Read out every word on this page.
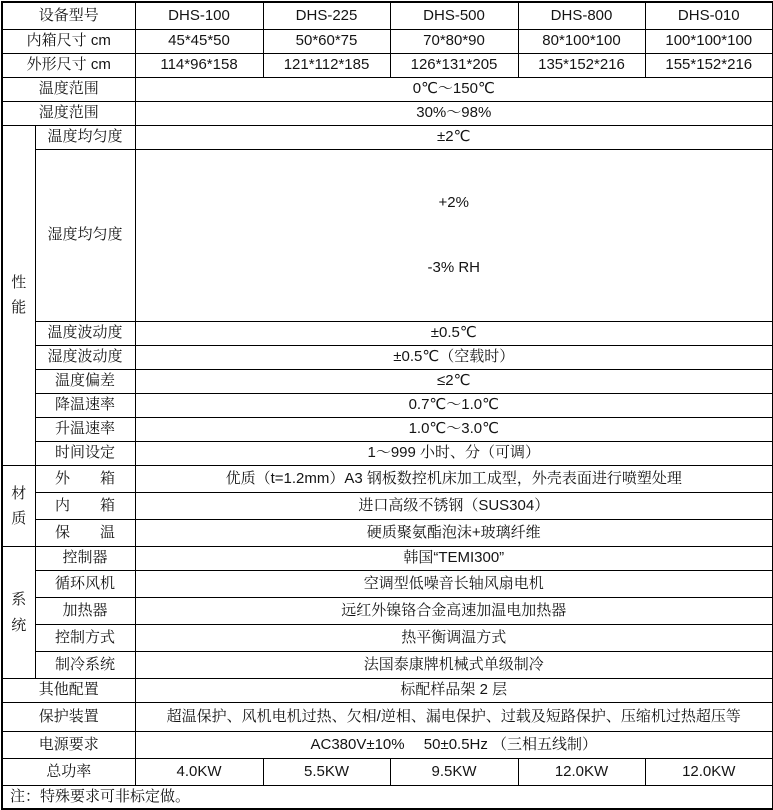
设备型号		DHS-100	DHS-225	DHS-500	DHS-800	DHS-010
内箱尺寸 cm		45*45*50	50*60*75	70*80*90	80*100*100	100*100*100
外形尺寸 cm		114*96*158	121*112*185	126*131*205	135*152*216	155*152*216
温度范围		0℃～150℃				
湿度范围		30%～98%				

性能	温度均匀度	±2℃				
	湿度均匀度	+2%

-3% RH				

	温度波动度	±0.5℃				
	湿度波动度	±0.5℃（空载时）				
	温度偏差	≤2℃				
	降温速率	0.7℃～1.0℃				
	升温速率	1.0℃～3.0℃				
	时间设定	1～999 小时、分（可调）				

材质	外　　箱	优质（t=1.2mm）A3 钢板数控机床加工成型，外壳表面进行喷塑处理				
	内　　箱	进口高级不锈钢（SUS304）				
	保　　温	硬质聚氨酯泡沫+玻璃纤维				

系统	控制器	韩国“TEMI300”				
	循环风机	空调型低噪音长轴风扇电机				
	加热器	远红外镍铬合金高速加温电加热器				
	控制方式	热平衡调温方式				
	制冷系统	法国泰康牌机械式单级制冷				
其他配置		标配样品架 2 层				
保护装置		超温保护、风机电机过热、欠相/逆相、漏电保护、过载及短路保护、压缩机过热超压等				
电源要求		AC380V±10%　 50±0.5Hz （三相五线制）				
总功率		4.0KW	5.5KW	9.5KW	12.0KW	12.0KW
注：特殊要求可非标定做。						
